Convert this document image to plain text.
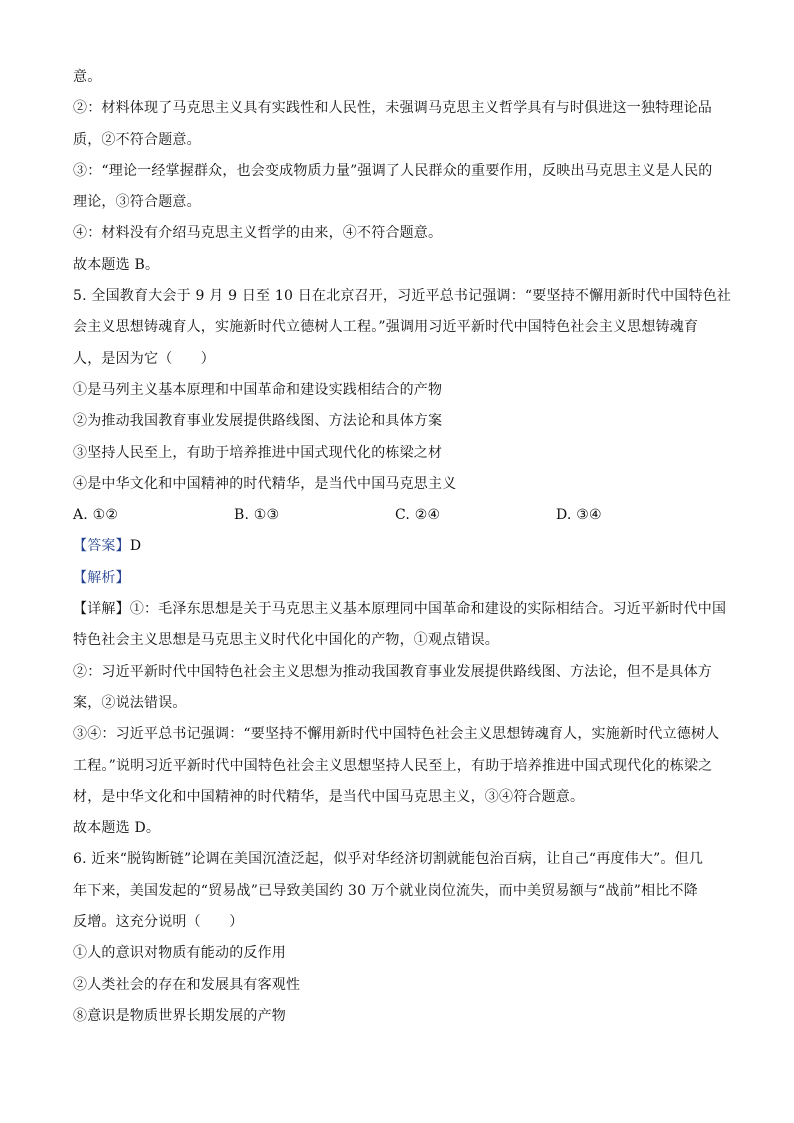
意。
②：材料体现了马克思主义具有实践性和人民性，未强调马克思主义哲学具有与时俱进这一独特理论品
质，②不符合题意。
③：“理论一经掌握群众，也会变成物质力量”强调了人民群众的重要作用，反映出马克思主义是人民的
理论，③符合题意。
④：材料没有介绍马克思主义哲学的由来，④不符合题意。
故本题选 B。
5. 全国教育大会于 9 月 9 日至 10 日在北京召开，习近平总书记强调：“要坚持不懈用新时代中国特色社
会主义思想铸魂育人，实施新时代立德树人工程。”强调用习近平新时代中国特色社会主义思想铸魂育
人，是因为它（　　）
①是马列主义基本原理和中国革命和建设实践相结合的产物
②为推动我国教育事业发展提供路线图、方法论和具体方案
③坚持人民至上，有助于培养推进中国式现代化的栋梁之材
④是中华文化和中国精神的时代精华，是当代中国马克思主义
A. ①②	B. ①③	C. ②④	D. ③④
【答案】D
【解析】
【详解】①：毛泽东思想是关于马克思主义基本原理同中国革命和建设的实际相结合。习近平新时代中国
特色社会主义思想是马克思主义时代化中国化的产物，①观点错误。
②：习近平新时代中国特色社会主义思想为推动我国教育事业发展提供路线图、方法论，但不是具体方
案，②说法错误。
③④：习近平总书记强调：“要坚持不懈用新时代中国特色社会主义思想铸魂育人，实施新时代立德树人
工程。”说明习近平新时代中国特色社会主义思想坚持人民至上，有助于培养推进中国式现代化的栋梁之
材，是中华文化和中国精神的时代精华，是当代中国马克思主义，③④符合题意。
故本题选 D。
6. 近来“脱钩断链”论调在美国沉渣泛起，似乎对华经济切割就能包治百病，让自己“再度伟大”。但几
年下来，美国发起的“贸易战”已导致美国约 30 万个就业岗位流失，而中美贸易额与“战前”相比不降
反增。这充分说明（　　）
①人的意识对物质有能动的反作用
②人类社会的存在和发展具有客观性
⑧意识是物质世界长期发展的产物
